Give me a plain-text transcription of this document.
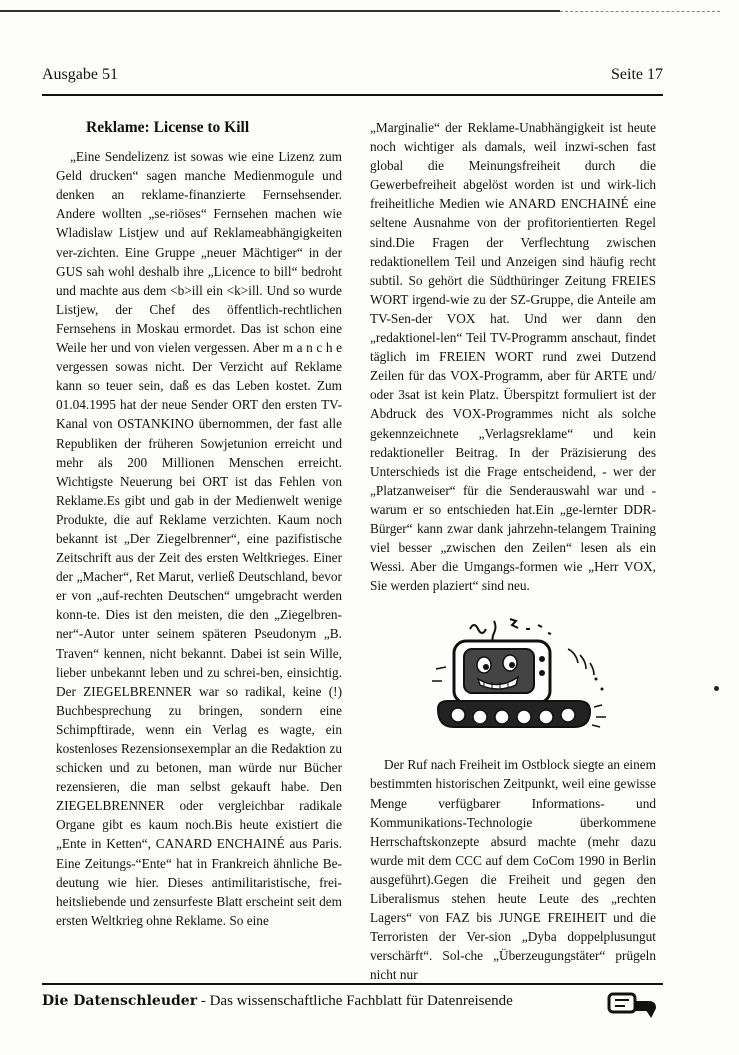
Ausgabe 51	Seite 17
Reklame: License to Kill

„Eine Sendelizenz ist sowas wie eine Lizenz zum Geld drucken“ sagen manche Medienmogule und denken an reklame-finanzierte Fernsehsender. Andere wollten „se-riöses“ Fernsehen machen wie Wladislaw Listjew und auf Reklameabhängigkeiten ver-zichten. Eine Gruppe „neuer Mächtiger“ in der GUS sah wohl deshalb ihre „Licence to bill“ bedroht und machte aus dem <b>ill ein <k>ill. Und so wurde Listjew, der Chef des öffentlich-rechtlichen Fernsehens in Moskau ermordet. Das ist schon eine Weile her und von vielen vergessen. Aber m a n c h e vergessen sowas nicht. Der Verzicht auf Reklame kann so teuer sein, daß es das Leben kostet. Zum 01.04.1995 hat der neue Sender ORT den ersten TV-Kanal von OSTANKINO übernommen, der fast alle Republiken der früheren Sowjetunion erreicht und mehr als 200 Millionen Menschen erreicht. Wichtigste Neuerung bei ORT ist das Fehlen von Reklame.Es gibt und gab in der Medienwelt wenige Produkte, die auf Reklame verzichten. Kaum noch bekannt ist „Der Ziegelbrenner“, eine pazifistische Zeitschrift aus der Zeit des ersten Weltkrieges. Einer der „Macher“, Ret Marut, verließ Deutschland, bevor er von „auf-rechten Deutschen“ umgebracht werden konn-te. Dies ist den meisten, die den „Ziegelbren-ner“-Autor unter seinem späteren Pseudonym „B. Traven“ kennen, nicht bekannt. Dabei ist sein Wille, lieber unbekannt leben und zu schrei-ben, einsichtig. Der ZIEGELBRENNER war so radikal, keine (!) Buchbesprechung zu bringen, sondern eine Schimpftirade, wenn ein Verlag es wagte, ein kostenloses Rezensionsexemplar an die Redaktion zu schicken und zu betonen, man würde nur Bücher rezensieren, die man selbst gekauft habe. Den ZIEGELBRENNER oder vergleichbar radikale Organe gibt es kaum noch.Bis heute existiert die „Ente in Ketten“, CANARD ENCHAINÉ aus Paris. Eine Zeitungs-“Ente“ hat in Frankreich ähnliche Be-deutung wie hier. Dieses antimilitaristische, frei-heitsliebende und zensurfeste Blatt erscheint seit dem ersten Weltkrieg ohne Reklame. So eine

„Marginalie“ der Reklame-Unabhängigkeit ist heute noch wichtiger als damals, weil inzwi-schen fast global die Meinungsfreiheit durch die Gewerbefreiheit abgelöst worden ist und wirk-lich freiheitliche Medien wie ANARD ENCHAINÉ eine seltene Ausnahme von der profitorientierten Regel sind.Die Fragen der Verflechtung zwischen redaktionellem Teil und Anzeigen sind häufig recht subtil. So gehört die Südthüringer Zeitung FREIES WORT irgend-wie zu der SZ-Gruppe, die Anteile am TV-Sen-der VOX hat. Und wer dann den „redaktionel-len“ Teil TV-Programm anschaut, findet täglich im FREIEN WORT rund zwei Dutzend Zeilen für das VOX-Programm, aber für ARTE und/ oder 3sat ist kein Platz. Überspitzt formuliert ist der Abdruck des VOX-Programmes nicht als solche gekennzeichnete „Verlagsreklame“ und kein redaktioneller Beitrag. In der Präzisierung des Unterschieds ist die Frage entscheidend, - wer der „Platzanweiser“ für die Senderauswahl war und - warum er so entschieden hat.Ein „ge-lernter DDR-Bürger“ kann zwar dank jahrzehn-telangem Training viel besser „zwischen den Zeilen“ lesen als ein Wessi. Aber die Umgangs-formen wie „Herr VOX, Sie werden plaziert“ sind neu.

Der Ruf nach Freiheit im Ostblock siegte an einem bestimmten historischen Zeitpunkt, weil eine gewisse Menge verfügbarer Informations- und Kommunikations-Technologie überkommene Herrschaftskonzepte absurd machte (mehr dazu wurde mit dem CCC auf dem CoCom 1990 in Berlin ausgeführt).Gegen die Freiheit und gegen den Liberalismus stehen heute Leute des „rechten Lagers“ von FAZ bis JUNGE FREIHEIT und die Terroristen der Ver-sion „Dyba doppelplusungut verschärft“. Sol-che „Überzeugungstäter“ prügeln nicht nur

Die Datenschleuder - Das wissenschaftliche Fachblatt für Datenreisende
